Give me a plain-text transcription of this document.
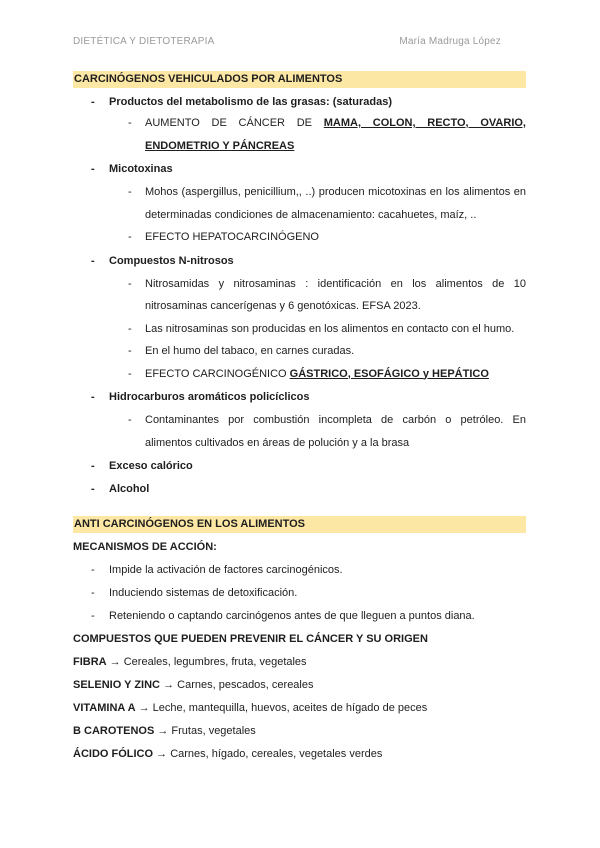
DIETÉTICA Y DIETOTERAPIA	María Madruga López
CARCINÓGENOS VEHICULADOS POR ALIMENTOS
- Productos del metabolismo de las grasas: (saturadas)
- AUMENTO DE CÁNCER DE MAMA, COLON, RECTO, OVARIO, ENDOMETRIO Y PÁNCREAS
- Micotoxinas
- Mohos (aspergillus, penicillium,, ..) producen micotoxinas en los alimentos en determinadas condiciones de almacenamiento: cacahuetes, maíz, ..
- EFECTO HEPATOCARCINÓGENO
- Compuestos N-nitrosos
- Nitrosamidas y nitrosaminas : identificación en los alimentos de 10 nitrosaminas cancerígenas y 6 genotóxicas. EFSA 2023.
- Las nitrosaminas son producidas en los alimentos en contacto con el humo.
- En el humo del tabaco, en carnes curadas.
- EFECTO CARCINOGÉNICO GÁSTRICO, ESOFÁGICO y HEPÁTICO
- Hidrocarburos aromáticos policíclicos
- Contaminantes por combustión incompleta de carbón o petróleo. En alimentos cultivados en áreas de polución y a la brasa
- Exceso calórico
- Alcohol
ANTI CARCINÓGENOS EN LOS ALIMENTOS
MECANISMOS DE ACCIÓN:
- Impide la activación de factores carcinogénicos.
- Induciendo sistemas de detoxificación.
- Reteniendo o captando carcinógenos antes de que lleguen a puntos diana.
COMPUESTOS QUE PUEDEN PREVENIR EL CÁNCER Y SU ORIGEN
FIBRA → Cereales, legumbres, fruta, vegetales
SELENIO Y ZINC → Carnes, pescados, cereales
VITAMINA A → Leche, mantequilla, huevos, aceites de hígado de peces
B CAROTENOS → Frutas, vegetales
ÁCIDO FÓLICO → Carnes, hígado, cereales, vegetales verdes
